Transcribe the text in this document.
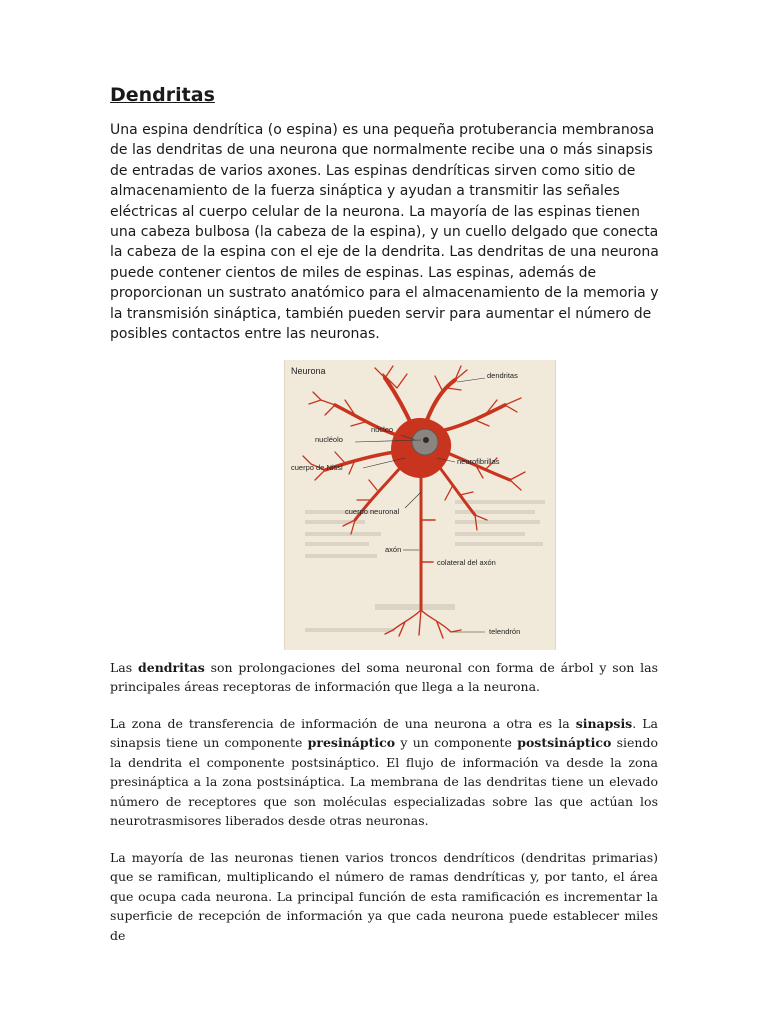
Dendritas

Una espina dendrítica (o espina) es una pequeña protuberancia membranosa de las dendritas de una neurona que normalmente recibe una o más sinapsis de entradas de varios axones. Las espinas dendríticas sirven como sitio de almacenamiento de la fuerza sináptica y ayudan a transmitir las señales eléctricas al cuerpo celular de la neurona. La mayoría de las espinas tienen una cabeza bulbosa (la cabeza de la espina), y un cuello delgado que conecta la cabeza de la espina con el eje de la dendrita. Las dendritas de una neurona puede contener cientos de miles de espinas. Las espinas, además de proporcionan un sustrato anatómico para el almacenamiento de la memoria y la transmisión sináptica, también pueden servir para aumentar el número de posibles contactos entre las neuronas.

Neurona	dendritas
núcleo
nucléolo
cuerpo de Nissl
neurofibrillas
cuerpo neuronal
axón
colateral del axón
telendrón

Las dendritas son prolongaciones del soma neuronal con forma de árbol y son las principales áreas receptoras de información que llega a la neurona.

La zona de transferencia de información de una neurona a otra es la sinapsis. La sinapsis tiene un componente presináptico y un componente postsináptico siendo la dendrita el componente postsináptico. El flujo de información va desde la zona presináptica a la zona postsináptica. La membrana de las dendritas tiene un elevado número de receptores que son moléculas especializadas sobre las que actúan los neurotrasmisores liberados desde otras neuronas.

La mayoría de las neuronas tienen varios troncos dendríticos (dendritas primarias) que se ramifican, multiplicando el número de ramas dendríticas y, por tanto, el área que ocupa cada neurona. La principal función de esta ramificación es incrementar la superficie de recepción de información ya que cada neurona puede establecer miles de
